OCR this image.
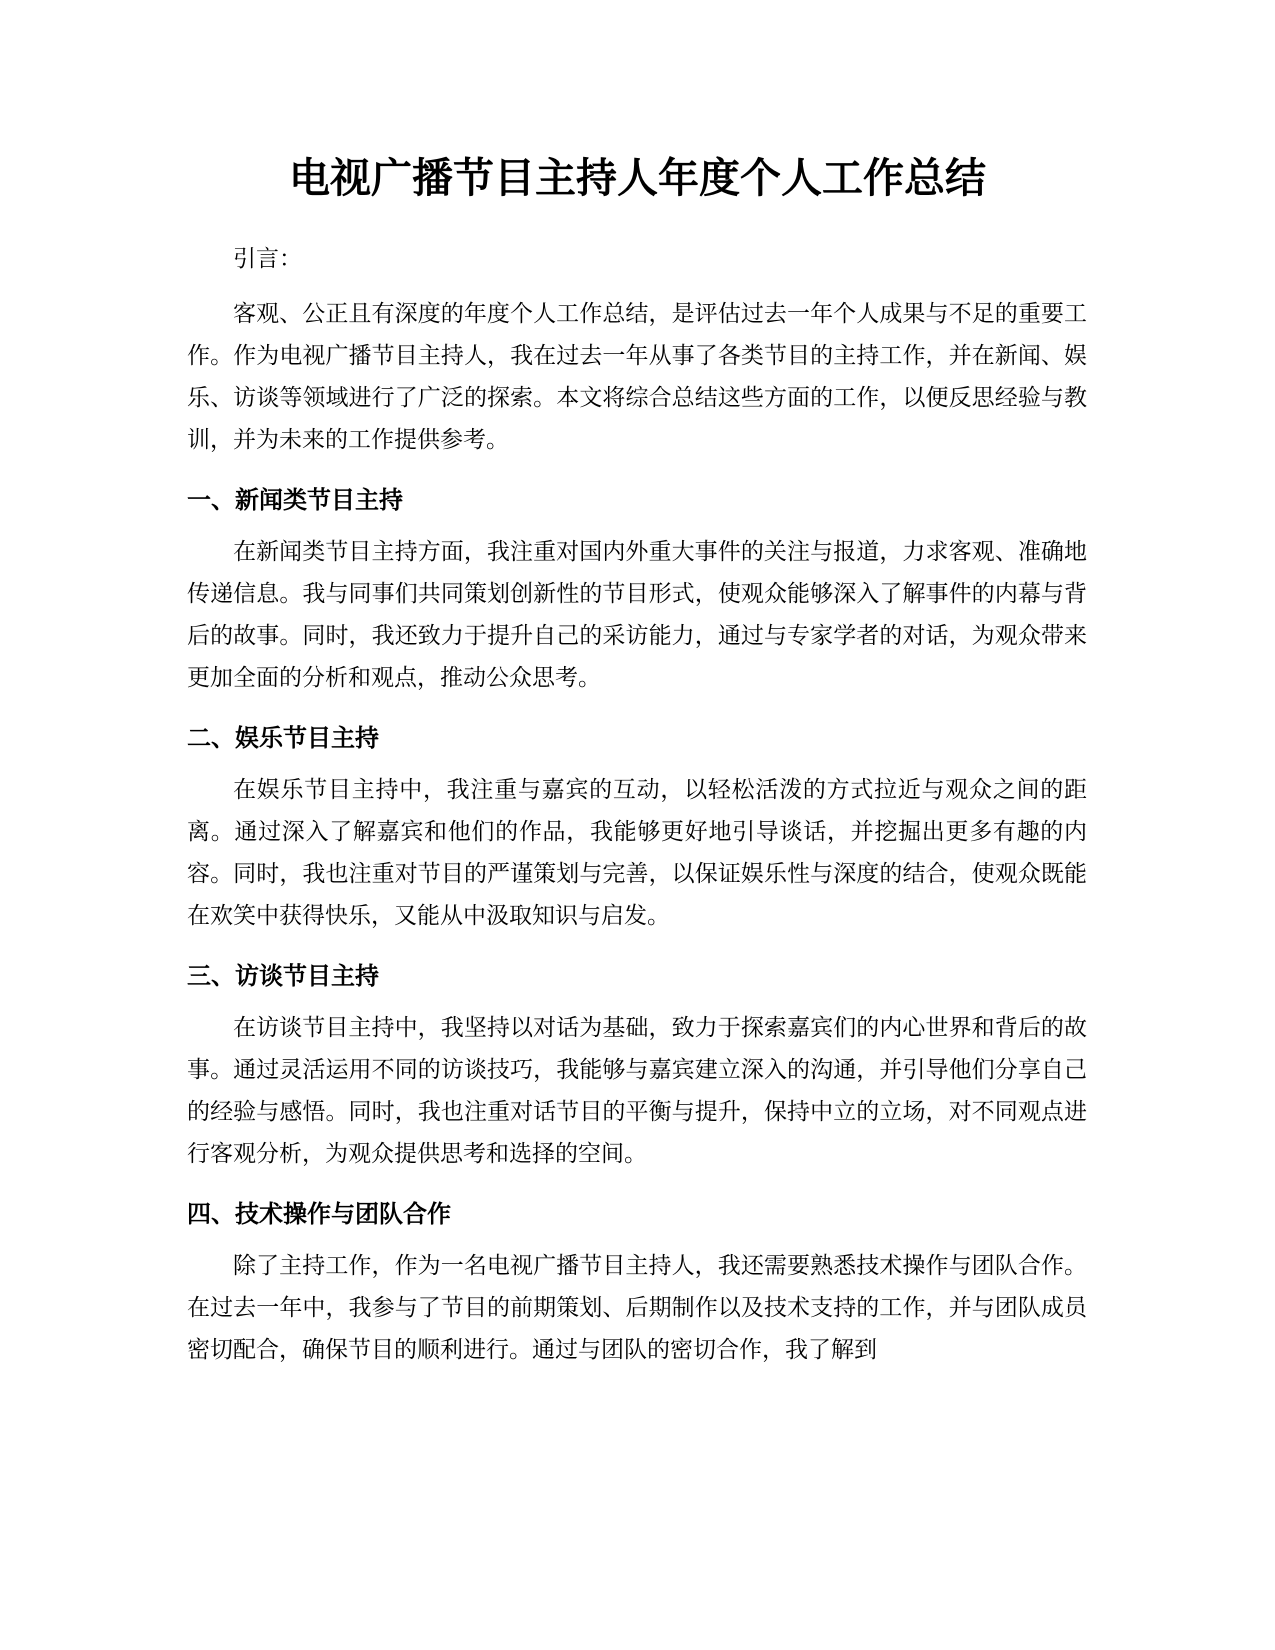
电视广播节目主持人年度个人工作总结

引言：

客观、公正且有深度的年度个人工作总结，是评估过去一年个人成果与不足的重要工作。作为电视广播节目主持人，我在过去一年从事了各类节目的主持工作，并在新闻、娱乐、访谈等领域进行了广泛的探索。本文将综合总结这些方面的工作，以便反思经验与教训，并为未来的工作提供参考。

一、新闻类节目主持

在新闻类节目主持方面，我注重对国内外重大事件的关注与报道，力求客观、准确地传递信息。我与同事们共同策划创新性的节目形式，使观众能够深入了解事件的内幕与背后的故事。同时，我还致力于提升自己的采访能力，通过与专家学者的对话，为观众带来更加全面的分析和观点，推动公众思考。

二、娱乐节目主持

在娱乐节目主持中，我注重与嘉宾的互动，以轻松活泼的方式拉近与观众之间的距离。通过深入了解嘉宾和他们的作品，我能够更好地引导谈话，并挖掘出更多有趣的内容。同时，我也注重对节目的严谨策划与完善，以保证娱乐性与深度的结合，使观众既能在欢笑中获得快乐，又能从中汲取知识与启发。

三、访谈节目主持

在访谈节目主持中，我坚持以对话为基础，致力于探索嘉宾们的内心世界和背后的故事。通过灵活运用不同的访谈技巧，我能够与嘉宾建立深入的沟通，并引导他们分享自己的经验与感悟。同时，我也注重对话节目的平衡与提升，保持中立的立场，对不同观点进行客观分析，为观众提供思考和选择的空间。

四、技术操作与团队合作

除了主持工作，作为一名电视广播节目主持人，我还需要熟悉技术操作与团队合作。在过去一年中，我参与了节目的前期策划、后期制作以及技术支持的工作，并与团队成员密切配合，确保节目的顺利进行。通过与团队的密切合作，我了解到
